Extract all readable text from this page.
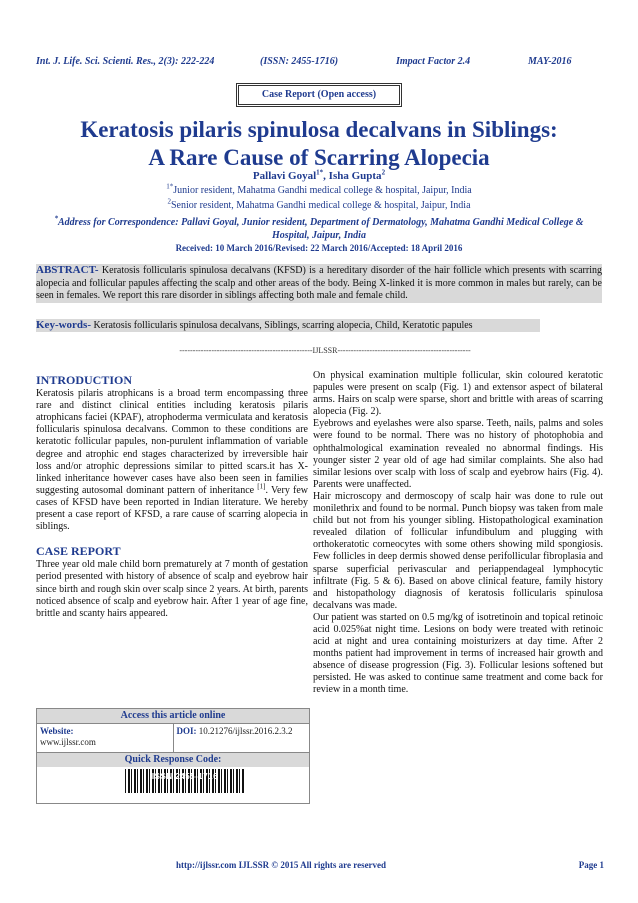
Int. J. Life. Sci. Scienti. Res., 2(3): 222-224	(ISSN: 2455-1716)	Impact Factor 2.4	MAY-2016
Case Report (Open access)
Keratosis pilaris spinulosa decalvans in Siblings:
A Rare Cause of Scarring Alopecia
Pallavi Goyal$^{1*}$, Isha Gupta$^2$
$^{1*}$Junior resident, Mahatma Gandhi medical college & hospital, Jaipur, India
$^2$Senior resident, Mahatma Gandhi medical college & hospital, Jaipur, India
*Address for Correspondence: Pallavi Goyal, Junior resident, Department of Dermatology, Mahatma Gandhi Medical College & Hospital, Jaipur, India
Received: 10 March 2016/Revised: 22 March 2016/Accepted: 18 April 2016
ABSTRACT- Keratosis follicularis spinulosa decalvans (KFSD) is a hereditary disorder of the hair follicle which presents with scarring alopecia and follicular papules affecting the scalp and other areas of the body. Being X-linked it is more common in males but rarely, can be seen in females. We report this rare disorder in siblings affecting both male and female child.
Key-words- Keratosis follicularis spinulosa decalvans, Siblings, scarring alopecia, Child, Keratotic papules
--------------------------------------------------IJLSSR--------------------------------------------------
INTRODUCTION

Keratosis pilaris atrophicans is a broad term encompassing three rare and distinct clinical entities including keratosis pilaris atrophicans faciei (KPAF), atrophoderma vermiculata and keratosis follicularis spinulosa decalvans. Common to these conditions are keratotic follicular papules, non-purulent inflammation of variable degree and atrophic end stages characterized by irreversible hair loss and/or atrophic depressions similar to pitted scars.it has X- linked inheritance however cases have also been seen in families suggesting autosomal dominant pattern of inheritance [1]. Very few cases of KFSD have been reported in Indian literature. We hereby present a case report of KFSD, a rare cause of scarring alopecia in siblings.

CASE REPORT

Three year old male child born prematurely at 7 month of gestation period presented with history of absence of scalp and eyebrow hair since birth and rough skin over scalp since 2 years. At birth, parents noticed absence of scalp and eyebrow hair. After 1 year of age fine, brittle and scanty hairs appeared.

Access this article online
Website:
www.ijlssr.com
DOI: 10.21276/ijlssr.2016.2.3.2
Quick Response Code:
ISSN 2455-1716

On physical examination multiple follicular, skin coloured keratotic papules were present on scalp (Fig. 1) and extensor aspect of bilateral arms. Hairs on scalp were sparse, short and brittle with areas of scarring alopecia (Fig. 2).

Eyebrows and eyelashes were also sparse. Teeth, nails, palms and soles were found to be normal. There was no history of photophobia and ophthalmological examination revealed no abnormal findings. His younger sister 2 year old of age had similar complaints. She also had similar lesions over scalp with loss of scalp and eyebrow hairs (Fig. 4). Parents were unaffected.

Hair microscopy and dermoscopy of scalp hair was done to rule out monilethrix and found to be normal. Punch biopsy was taken from male child but not from his younger sibling. Histopathological examination revealed dilation of follicular infundibulum and plugging with orthokeratotic corneocytes with some others showing mild spongiosis. Few follicles in deep dermis showed dense perifollicular fibroplasia and sparse superficial perivascular and periappendageal lymphocytic infiltrate (Fig. 5 & 6). Based on above clinical feature, family history and histopathology diagnosis of keratosis follicularis spinulosa decalvans was made.

Our patient was started on 0.5 mg/kg of isotretinoin and topical retinoic acid 0.025%at night time. Lesions on body were treated with retinoic acid at night and urea containing moisturizers at day time. After 2 months patient had improvement in terms of increased hair growth and absence of disease progression (Fig. 3). Follicular lesions softened but persisted. He was asked to continue same treatment and come back for review in a month time.

http://ijlssr.com IJLSSR © 2015 All rights are reserved	Page 1
